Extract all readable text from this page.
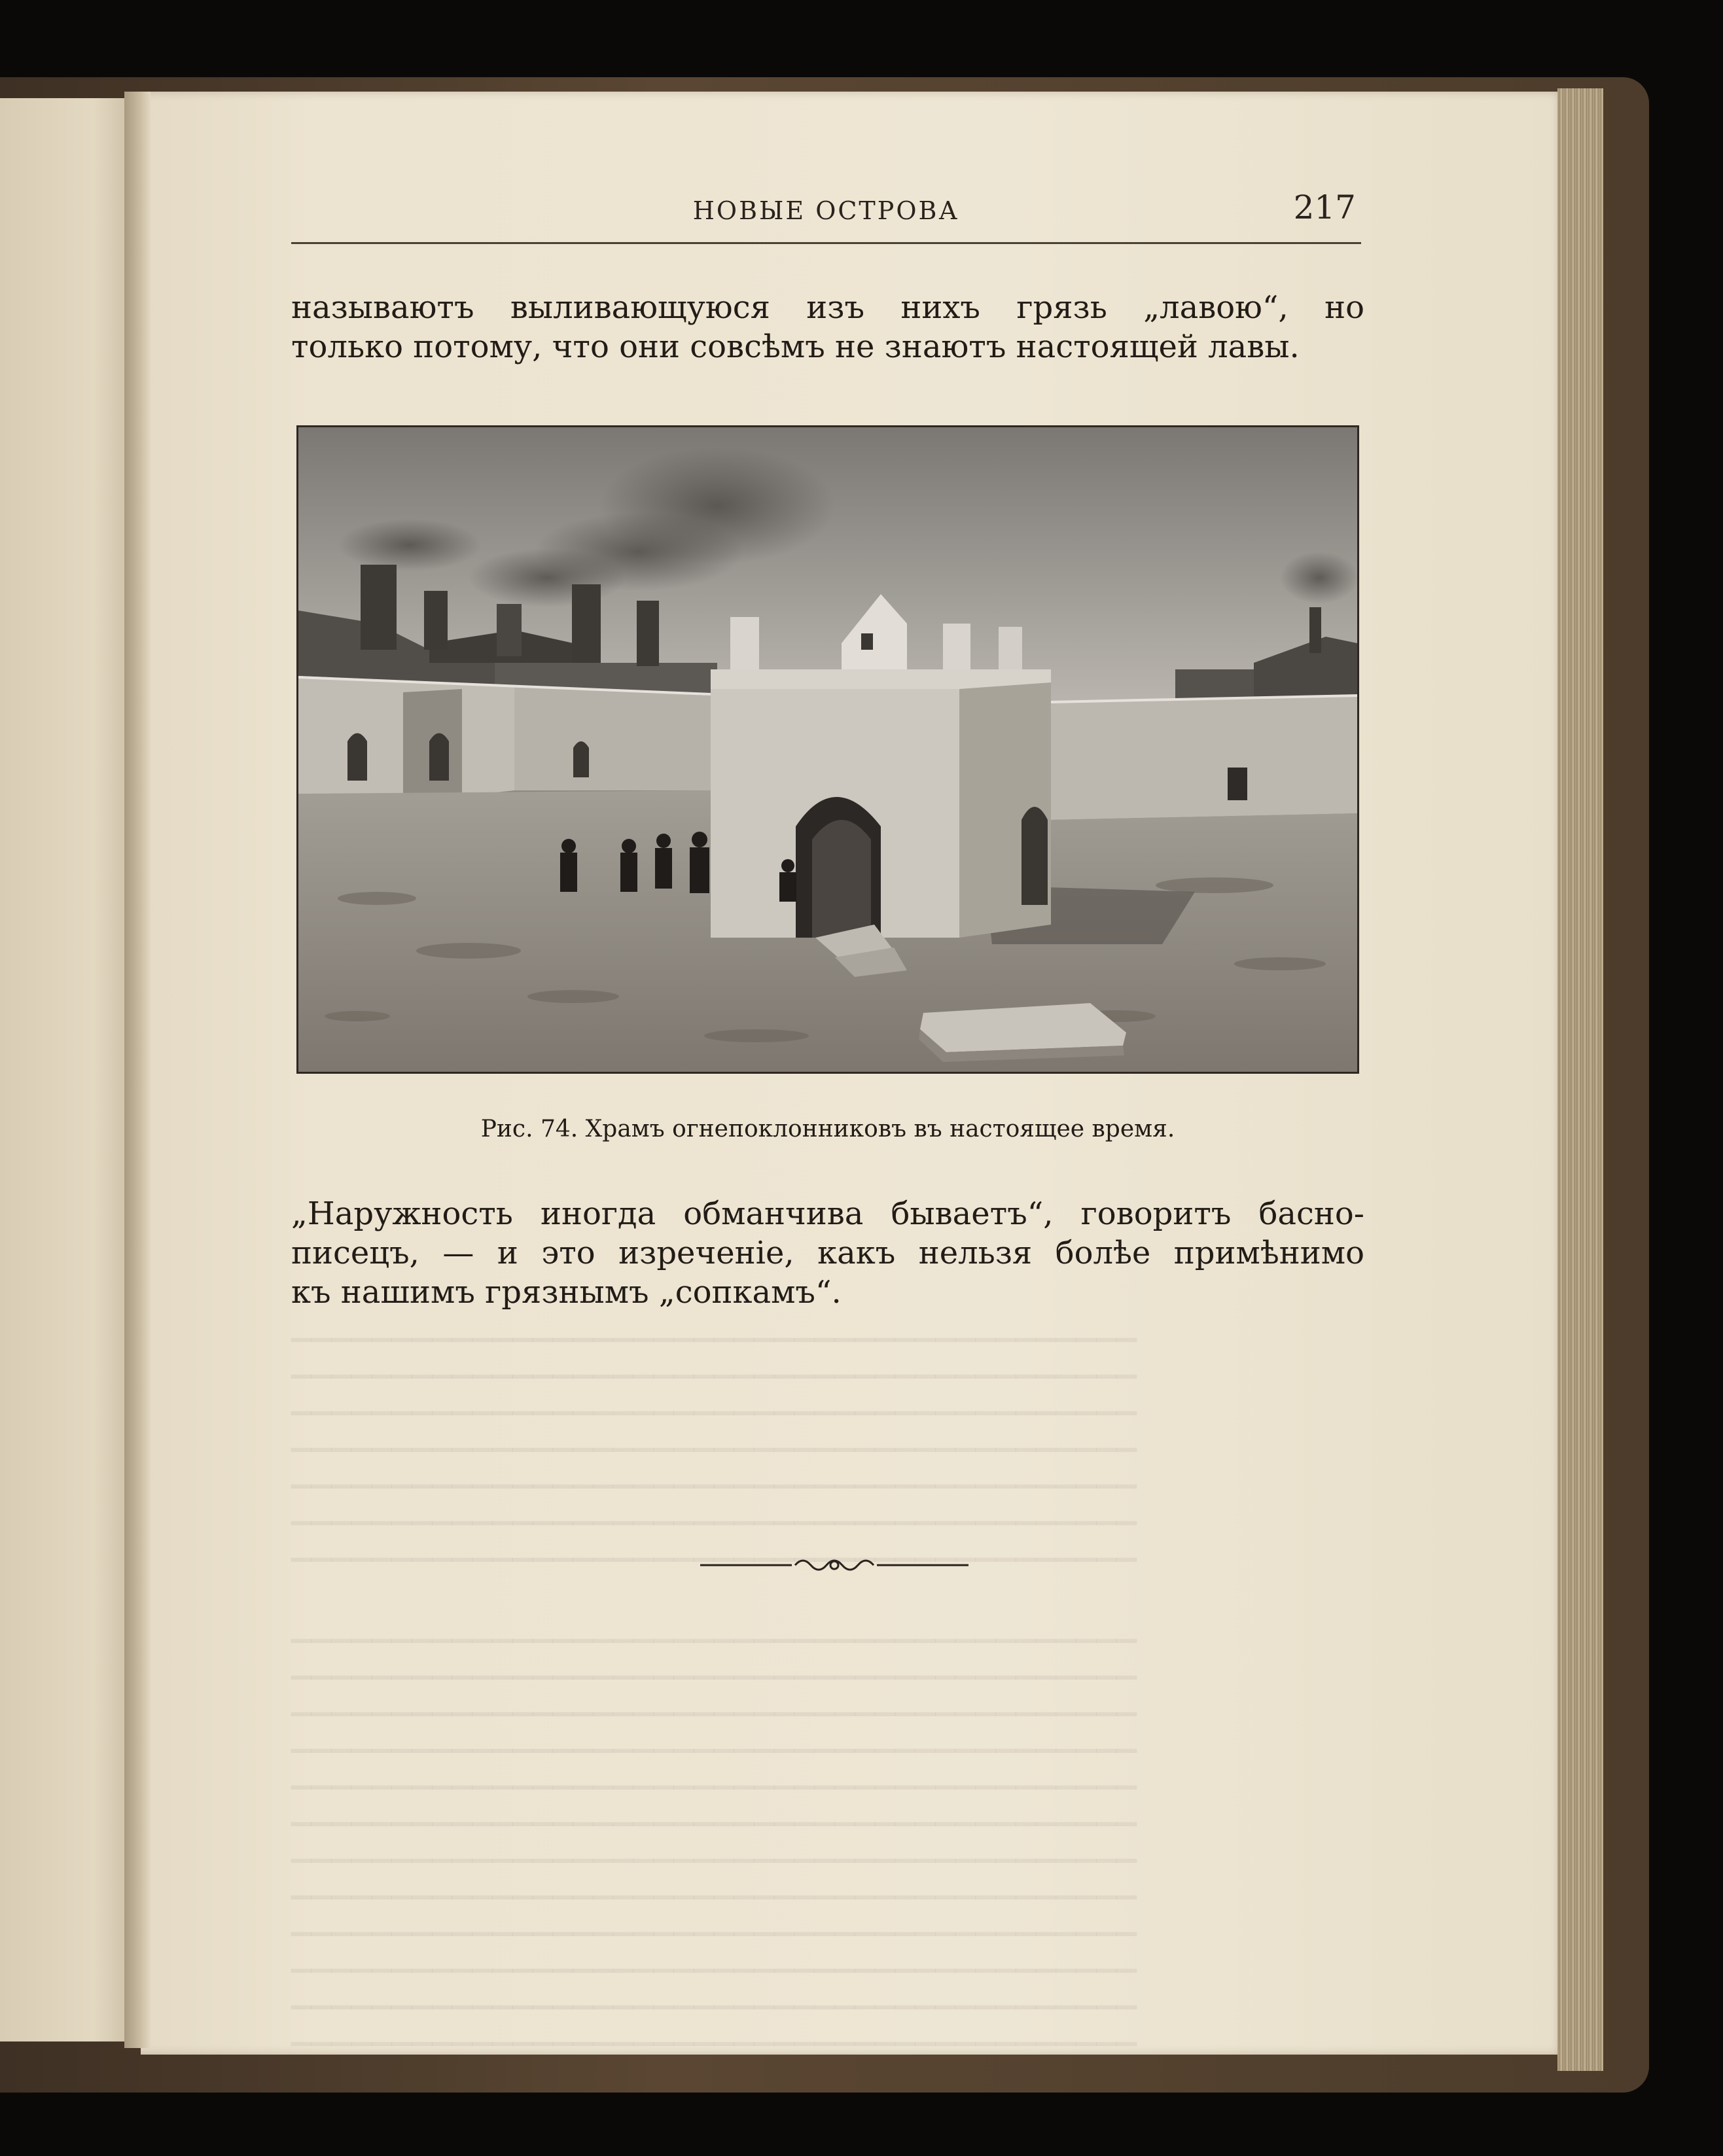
▁▁▁▁▁▁▁▁▁▁▁▁▁▁▁▁▁▁▁▁▁▁▁▁▁▁▁▁▁▁▁▁▁▁▁▁▁▁▁▁▁▁
▁▁▁▁▁▁▁▁▁▁▁▁▁▁▁▁▁▁▁▁▁▁▁▁▁▁▁▁▁▁▁▁▁▁▁▁▁▁▁▁▁▁
▁▁▁▁▁▁▁▁▁▁▁▁▁▁▁▁▁▁▁▁▁▁▁▁▁▁▁▁▁▁▁▁▁▁▁▁▁▁▁▁▁▁
▁▁▁▁▁▁▁▁▁▁▁▁▁▁▁▁▁▁▁▁▁▁▁▁▁▁▁▁▁▁▁▁▁▁▁▁▁▁▁▁▁▁
▁▁▁▁▁▁▁▁▁▁▁▁▁▁▁▁▁▁▁▁▁▁▁▁▁▁▁▁▁▁▁▁▁▁▁▁▁▁▁▁▁▁
▁▁▁▁▁▁▁▁▁▁▁▁▁▁▁▁▁▁▁▁▁▁▁▁▁▁▁▁▁▁▁▁▁▁▁▁▁▁▁▁▁▁
▁▁▁▁▁▁▁▁▁▁▁▁▁▁▁▁▁▁▁▁▁▁▁▁▁▁▁▁▁▁▁▁▁▁▁▁▁▁▁▁▁▁
▁▁▁▁▁▁▁▁▁▁▁▁▁▁▁▁▁▁▁▁▁▁▁▁▁▁▁▁▁▁▁▁▁▁▁▁▁▁▁▁▁▁
▁▁▁▁▁▁▁▁▁▁▁▁▁▁▁▁▁▁▁▁▁▁▁▁▁▁▁▁▁▁▁▁▁▁▁▁▁▁▁▁▁▁
▁▁▁▁▁▁▁▁▁▁▁▁▁▁▁▁▁▁▁▁▁▁▁▁▁▁▁▁▁▁▁▁▁▁▁▁▁▁▁▁▁▁
▁▁▁▁▁▁▁▁▁▁▁▁▁▁▁▁▁▁▁▁▁▁▁▁▁▁▁▁▁▁▁▁▁▁▁▁▁▁▁▁▁▁
▁▁▁▁▁▁▁▁▁▁▁▁▁▁▁▁▁▁▁▁▁▁▁▁▁▁▁▁▁▁▁▁▁▁▁▁▁▁▁▁▁▁
▁▁▁▁▁▁▁▁▁▁▁▁▁▁▁▁▁▁▁▁▁▁▁▁▁▁▁▁▁▁▁▁▁▁▁▁▁▁▁▁▁▁
▁▁▁▁▁▁▁▁▁▁▁▁▁▁▁▁▁▁▁▁▁▁▁▁▁▁▁▁▁▁▁▁▁▁▁▁▁▁▁▁▁▁
▁▁▁▁▁▁▁▁▁▁▁▁▁▁▁▁▁▁▁▁▁▁▁▁▁▁▁▁▁▁▁▁▁▁▁▁▁▁▁▁▁▁
▁▁▁▁▁▁▁▁▁▁▁▁▁▁▁▁▁▁▁▁▁▁▁▁▁▁▁▁▁▁▁▁▁▁▁▁▁▁▁▁▁▁
▁▁▁▁▁▁▁▁▁▁▁▁▁▁▁▁▁▁▁▁▁▁▁▁▁▁▁▁▁▁▁▁▁▁▁▁▁▁▁▁▁▁
▁▁▁▁▁▁▁▁▁▁▁▁▁▁▁▁▁▁▁▁▁▁▁▁▁▁▁▁▁▁▁▁▁▁▁▁▁▁▁▁▁▁
▁▁▁▁▁▁▁▁▁▁▁▁▁▁▁▁▁▁▁▁▁▁▁▁▁▁▁▁▁▁▁▁▁▁▁▁▁▁▁▁▁▁
НОВЫЕ ОСТРОВА	217
называютъ выливающуюся изъ нихъ грязь „лавою“, но
только потому, что они совсѣмъ не знаютъ настоящей лавы.
Рис. 74. Храмъ огнепоклонниковъ въ настоящее время.
„Наружность иногда обманчива бываетъ“, говоритъ басно-
писецъ, — и это изреченіе, какъ нельзя болѣе примѣнимо
къ нашимъ грязнымъ „сопкамъ“.
